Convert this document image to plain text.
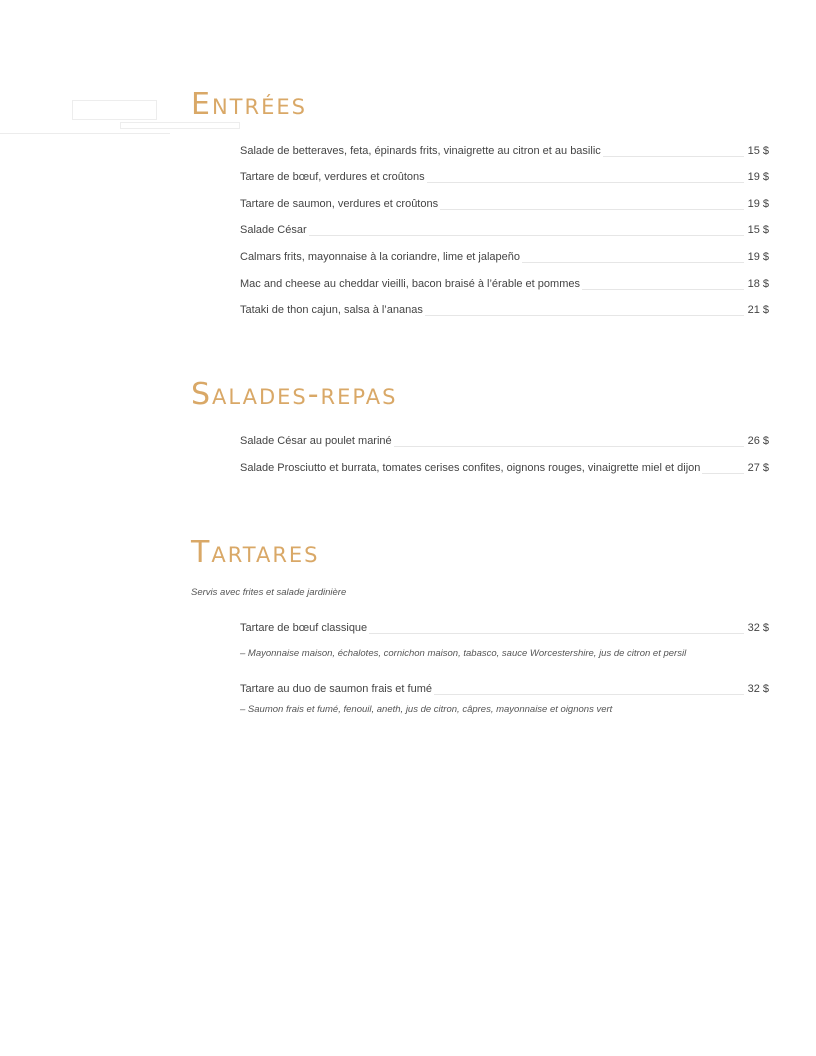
Entrées
Salade de betteraves, feta, épinards frits, vinaigrette au citron et au basilic	15 $
Tartare de bœuf, verdures et croûtons	19 $
Tartare de saumon, verdures et croûtons	19 $
Salade César	15 $
Calmars frits, mayonnaise à la coriandre, lime et jalapeño	19 $
Mac and cheese au cheddar vieilli, bacon braisé à l’érable et pommes	18 $
Tataki de thon cajun, salsa à l’ananas	21 $
Salades-repas
Salade César au poulet mariné	26 $
Salade Prosciutto et burrata, tomates cerises confites, oignons rouges, vinaigrette miel et dijon	27 $
Tartares

Servis avec frites et salade jardinière

Tartare de bœuf classique	32 $
– Mayonnaise maison, échalotes, cornichon maison, tabasco, sauce Worcestershire, jus de citron et persil
Tartare au duo de saumon frais et fumé	32 $
– Saumon frais et fumé, fenouil, aneth, jus de citron, câpres, mayonnaise et oignons vert
